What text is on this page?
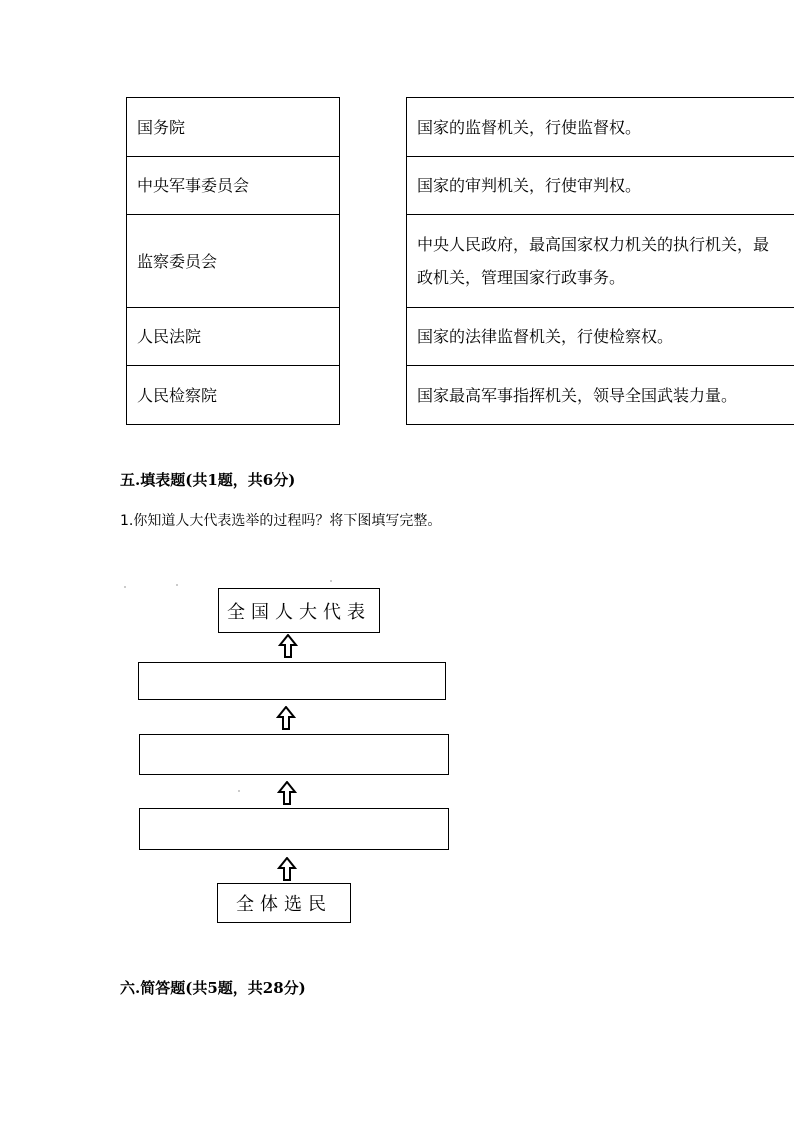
国务院
中央军事委员会
监察委员会
人民法院
人民检察院
国家的监督机关，行使监督权。
国家的审判机关，行使审判权。
中央人民政府，最高国家权力机关的执行机关，最
政机关，管理国家行政事务。
国家的法律监督机关，行使检察权。
国家最高军事指挥机关，领导全国武装力量。
五.填表题(共1题，共6分)
1.你知道人大代表选举的过程吗？将下图填写完整。
全国人大代表
全体选民
六.简答题(共5题，共28分)
